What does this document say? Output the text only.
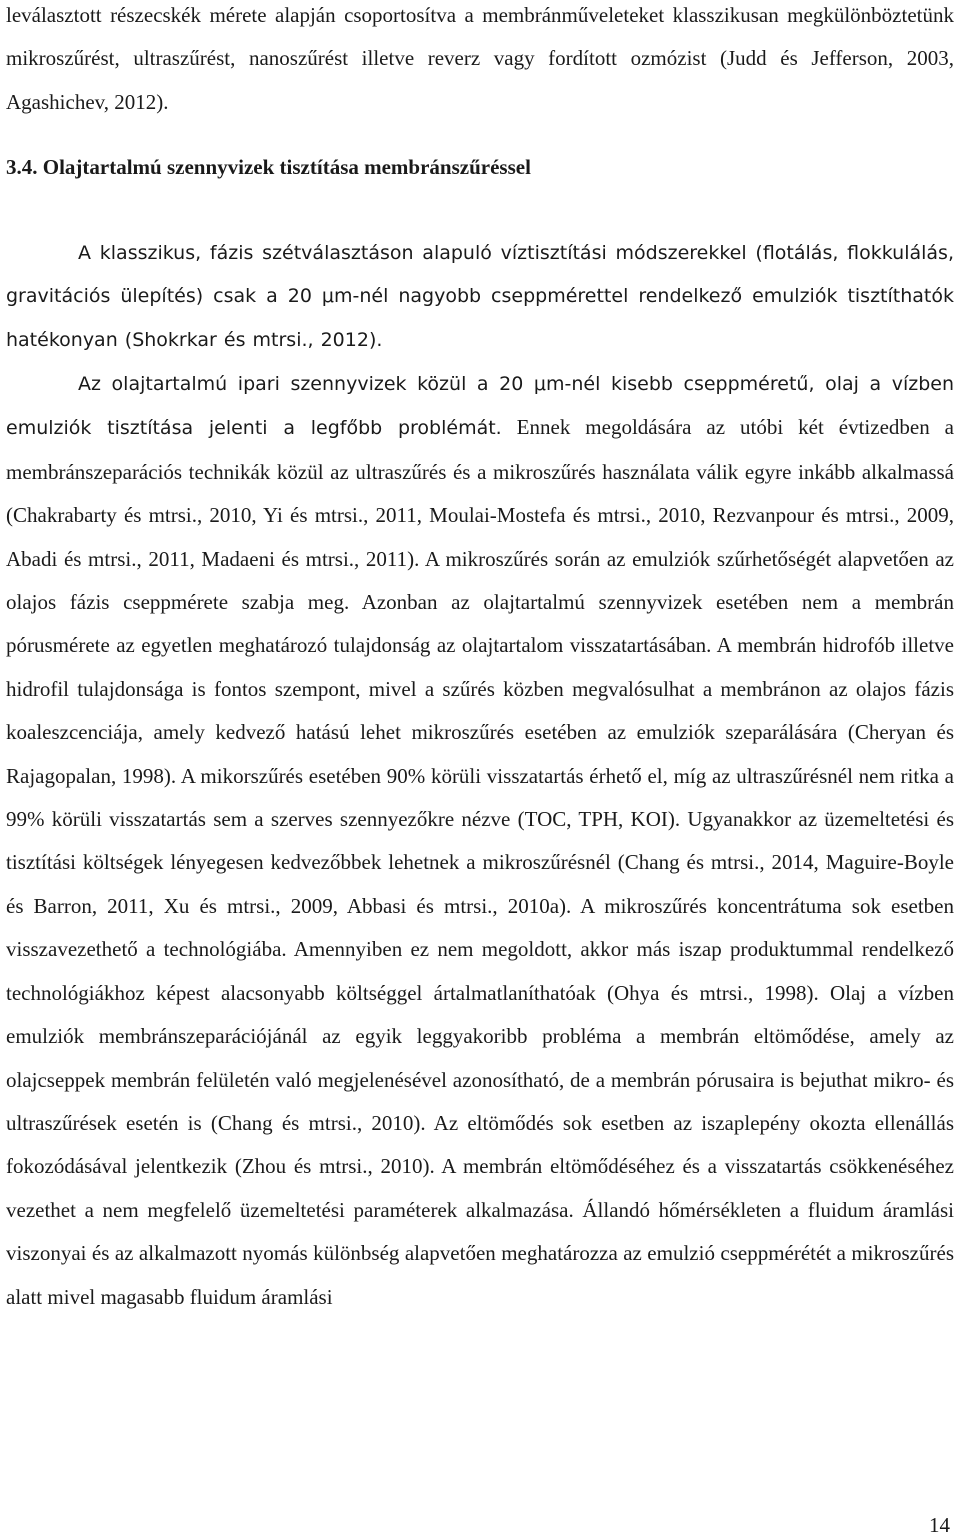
leválasztott részecskék mérete alapján csoportosítva a membránműveleteket klasszikusan megkülönböztetünk mikroszűrést, ultraszűrést, nanoszűrést illetve reverz vagy fordított ozmózist (Judd és Jefferson, 2003, Agashichev, 2012).

3.4. Olajtartalmú szennyvizek tisztítása membránszűréssel

A klasszikus, fázis szétválasztáson alapuló víztisztítási módszerekkel (flotálás, flokkulálás, gravitációs ülepítés) csak a 20 μm-nél nagyobb cseppmérettel rendelkező emulziók tisztíthatók hatékonyan (Shokrkar és mtrsi., 2012).

Az olajtartalmú ipari szennyvizek közül a 20 μm-nél kisebb cseppméretű, olaj a vízben emulziók tisztítása jelenti a legfőbb problémát. Ennek megoldására az utóbi két évtizedben a membránszeparációs technikák közül az ultraszűrés és a mikroszűrés használata válik egyre inkább alkalmassá (Chakrabarty és mtrsi., 2010, Yi és mtrsi., 2011, Moulai-Mostefa és mtrsi., 2010, Rezvanpour és mtrsi., 2009, Abadi és mtrsi., 2011, Madaeni és mtrsi., 2011). A mikroszűrés során az emulziók szűrhetőségét alapvetően az olajos fázis cseppmérete szabja meg. Azonban az olajtartalmú szennyvizek esetében nem a membrán pórusmérete az egyetlen meghatározó tulajdonság az olajtartalom visszatartásában. A membrán hidrofób illetve hidrofil tulajdonsága is fontos szempont, mivel a szűrés közben megvalósulhat a membránon az olajos fázis koaleszcenciája, amely kedvező hatású lehet mikroszűrés esetében az emulziók szeparálására (Cheryan és Rajagopalan, 1998). A mikorszűrés esetében 90% körüli visszatartás érhető el, míg az ultraszűrésnél nem ritka a 99% körüli visszatartás sem a szerves szennyezőkre nézve (TOC, TPH, KOI). Ugyanakkor az üzemeltetési és tisztítási költségek lényegesen kedvezőbbek lehetnek a mikroszűrésnél (Chang és mtrsi., 2014, Maguire-Boyle és Barron, 2011, Xu és mtrsi., 2009, Abbasi és mtrsi., 2010a). A mikroszűrés koncentrátuma sok esetben visszavezethető a technológiába. Amennyiben ez nem megoldott, akkor más iszap produktummal rendelkező technológiákhoz képest alacsonyabb költséggel ártalmatlaníthatóak (Ohya és mtrsi., 1998). Olaj a vízben emulziók membránszeparációjánál az egyik leggyakoribb probléma a membrán eltömődése, amely az olajcseppek membrán felületén való megjelenésével azonosítható, de a membrán pórusaira is bejuthat mikro- és ultraszűrések esetén is (Chang és mtrsi., 2010). Az eltömődés sok esetben az iszaplepény okozta ellenállás fokozódásával jelentkezik (Zhou és mtrsi., 2010). A membrán eltömődéséhez és a visszatartás csökkenéséhez vezethet a nem megfelelő üzemeltetési paraméterek alkalmazása. Állandó hőmérsékleten a fluidum áramlási viszonyai és az alkalmazott nyomás különbség alapvetően meghatározza az emulzió cseppmérétét a mikroszűrés alatt mivel magasabb fluidum áramlási

14
